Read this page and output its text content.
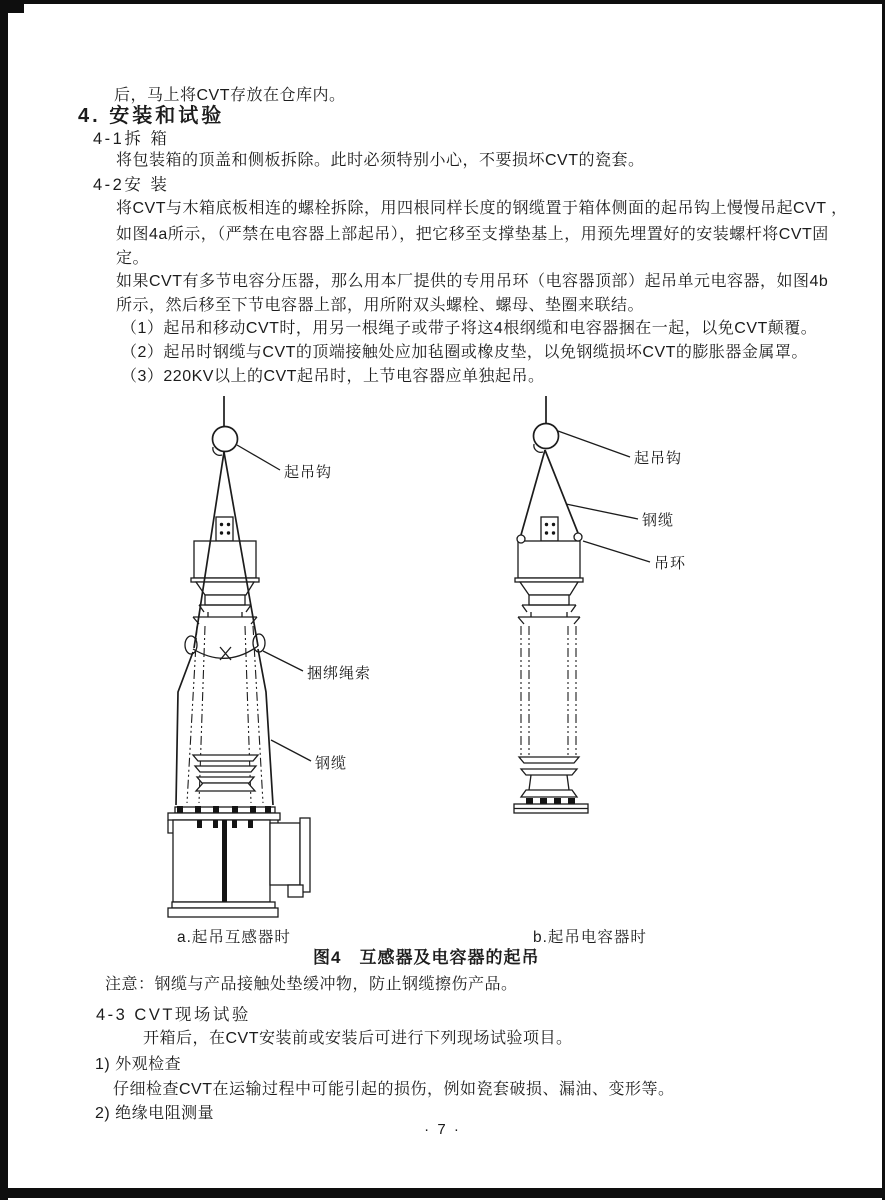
后，马上将CVT存放在仓库内。
4. 安装和试验
4-1拆 箱
将包装箱的顶盖和侧板拆除。此时必须特别小心，不要损坏CVT的瓷套。
4-2安 装
将CVT与木箱底板相连的螺栓拆除，用四根同样长度的钢缆置于箱体侧面的起吊钩上慢慢吊起CVT ，
如图4a所示，（严禁在电容器上部起吊），把它移至支撑垫基上，用预先埋置好的安装螺杆将CVT固
定。
如果CVT有多节电容分压器，那么用本厂提供的专用吊环（电容器顶部）起吊单元电容器，如图4b
所示，然后移至下节电容器上部，用所附双头螺栓、螺母、垫圈来联结。
（1）起吊和移动CVT时，用另一根绳子或带子将这4根纲缆和电容器捆在一起，以免CVT颠覆。
（2）起吊时钢缆与CVT的顶端接触处应加毡圈或橡皮垫，以免钢缆损坏CVT的膨胀器金属罩。
（3）220KV以上的CVT起吊时，上节电容器应单独起吊。
起吊钩
捆绑绳索
钢缆
起吊钩
钢缆
吊环
a.起吊互感器时	b.起吊电容器时
图4　互感器及电容器的起吊
注意：钢缆与产品接触处垫缓冲物，防止钢缆擦伤产品。
4-3 CVT现场试验
开箱后，在CVT安装前或安装后可进行下列现场试验项目。
1) 外观检查
仔细检查CVT在运输过程中可能引起的损伤，例如瓷套破损、漏油、变形等。
2) 绝缘电阻测量
· 7 ·
